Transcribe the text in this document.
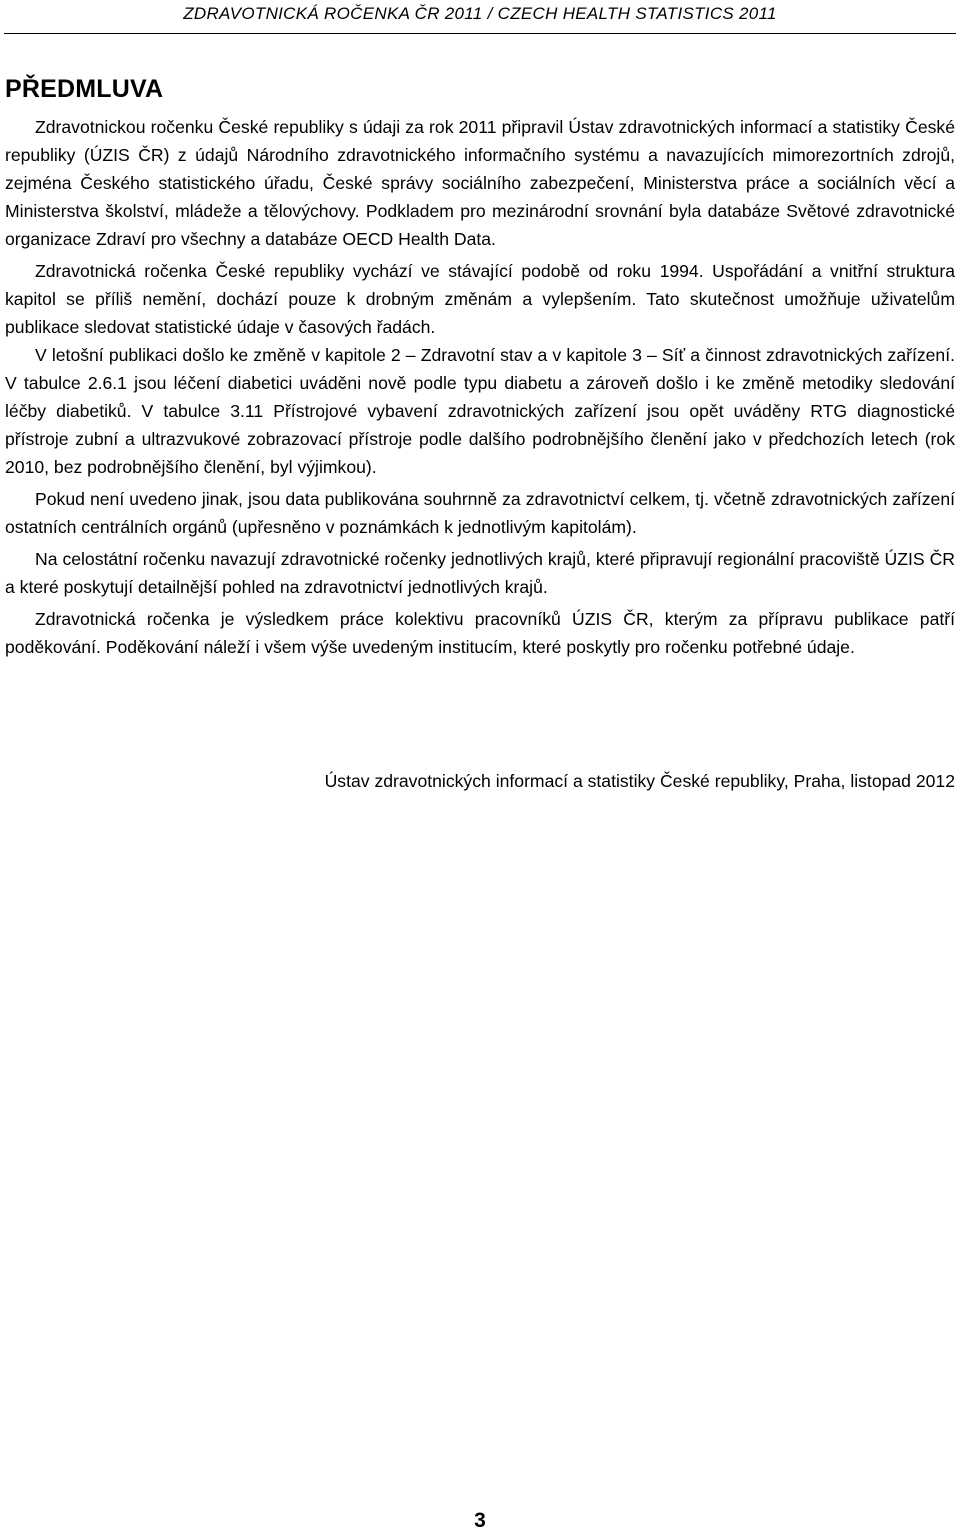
ZDRAVOTNICKÁ ROČENKA ČR 2011 / CZECH HEALTH STATISTICS 2011
PŘEDMLUVA

Zdravotnickou ročenku České republiky s údaji za rok 2011 připravil Ústav zdravotnických informací a statistiky České republiky (ÚZIS ČR) z údajů Národního zdravotnického informačního systému a navazujících mimorezortních zdrojů, zejména Českého statistického úřadu, České správy sociálního zabezpečení, Ministerstva práce a sociálních věcí a Ministerstva školství, mládeže a tělovýchovy. Podkladem pro mezinárodní srovnání byla databáze Světové zdravotnické organizace Zdraví pro všechny a databáze OECD Health Data.

Zdravotnická ročenka České republiky vychází ve stávající podobě od roku 1994. Uspořádání a vnitřní struktura kapitol se příliš nemění, dochází pouze k drobným změnám a vylepšením. Tato skutečnost umožňuje uživatelům publikace sledovat statistické údaje v časových řadách.

V letošní publikaci došlo ke změně v kapitole 2 – Zdravotní stav a v kapitole 3 – Síť a činnost zdravotnických zařízení. V tabulce 2.6.1 jsou léčení diabetici uváděni nově podle typu diabetu a zároveň došlo i ke změně metodiky sledování léčby diabetiků. V tabulce 3.11 Přístrojové vybavení zdravotnických zařízení jsou opět uváděny RTG diagnostické přístroje zubní a ultrazvukové zobrazovací přístroje podle dalšího podrobnějšího členění jako v předchozích letech (rok 2010, bez podrobnějšího členění, byl výjimkou).

Pokud není uvedeno jinak, jsou data publikována souhrnně za zdravotnictví celkem, tj. včetně zdravotnických zařízení ostatních centrálních orgánů (upřesněno v poznámkách k jednotlivým kapitolám).

Na celostátní ročenku navazují zdravotnické ročenky jednotlivých krajů, které připravují regionální pracoviště ÚZIS ČR a které poskytují detailnější pohled na zdravotnictví jednotlivých krajů.

Zdravotnická ročenka je výsledkem práce kolektivu pracovníků ÚZIS ČR, kterým za přípravu publikace patří poděkování. Poděkování náleží i všem výše uvedeným institucím, které poskytly pro ročenku potřebné údaje.

Ústav zdravotnických informací a statistiky České republiky, Praha, listopad 2012
3
